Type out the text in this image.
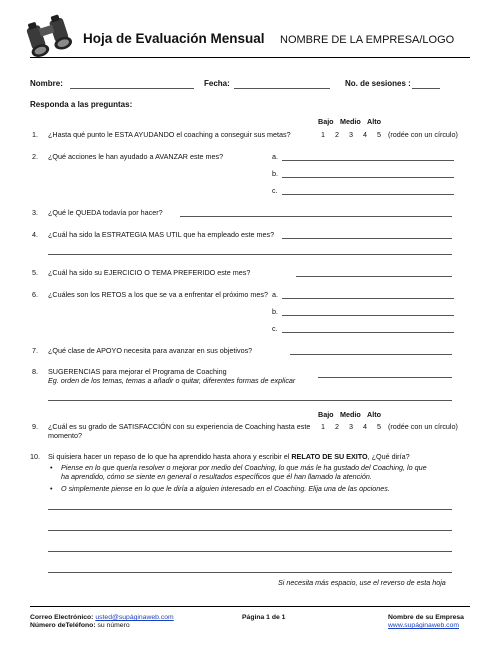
Hoja de Evaluación Mensual NOMBRE DE LA EMPRESA/LOGO
Nombre:	Fecha:	No. de sesiones :
Responda a las preguntas:
Bajo Medio Alto
1. ¿Hasta qué punto le ESTA AYUDANDO el coaching a conseguir sus metas?	1	2	3	4	5 (rodée con un círculo)
2. ¿Qué acciones le han ayudado a AVANZAR este mes?	a.
b.
c.
3. ¿Qué le QUEDA todavía por hacer?
4. ¿Cuál ha sido la ESTRATEGIA MAS UTIL que ha empleado este mes?
5. ¿Cuál ha sido su EJERCICIO O TEMA PREFERIDO este mes?
6. ¿Cuáles son los RETOS a los que se va a enfrentar el próximo mes? a.
b.
c.
7. ¿Qué clase de APOYO necesita para avanzar en sus objetivos?
8. SUGERENCIAS para mejorar el Programa de Coaching
Eg. orden de los temas, temas a añadir o quitar, diferentes formas de explicar
Bajo Medio Alto
9. ¿Cuál es su grado de SATISFACCIÓN con su experiencia de Coaching hasta este
momento?
1	2	3	4	5 (rodée con un círculo)
10. Si quisiera hacer un repaso de lo que ha aprendido hasta ahora y escribir el RELATO DE SU EXITO, ¿Qué diría?
• Piense en lo que quería resolver o mejorar por medio del Coaching, lo que más le ha gustado del Coaching, lo que
ha aprendido, cómo se siente en general o resultados específicos que él han llamado la atención.
• O simplemente piense en lo que le diría a alguien interesado en el Coaching. Elija una de las opciones.
Si necesita más espacio, use el reverso de esta hoja
Correo Electrónico: usted@supáginaweb.com
Número deTeléfono: su número
Página 1 de 1	Nombre de su Empresa
www.supáginaweb.com
